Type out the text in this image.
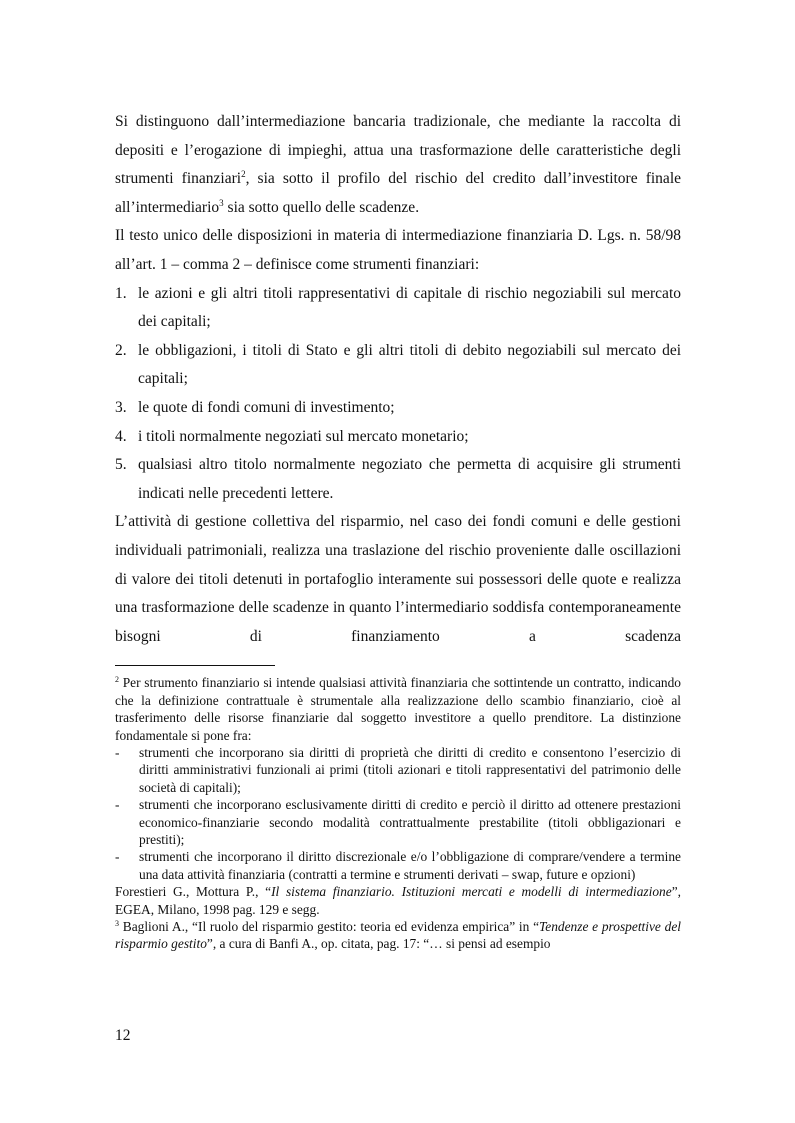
Si distinguono dall’intermediazione bancaria tradizionale, che mediante la raccolta di depositi e l’erogazione di impieghi, attua una trasformazione delle caratteristiche degli strumenti finanziari$^2$, sia sotto il profilo del rischio del credito dall’investitore finale all’intermediario$^3$ sia sotto quello delle scadenze.

Il testo unico delle disposizioni in materia di intermediazione finanziaria D. Lgs. n. 58/98 all’art. 1 – comma 2 – definisce come strumenti finanziari:

1. le azioni e gli altri titoli rappresentativi di capitale di rischio negoziabili sul mercato dei capitali;
2. le obbligazioni, i titoli di Stato e gli altri titoli di debito negoziabili sul mercato dei capitali;
3. le quote di fondi comuni di investimento;
4. i titoli normalmente negoziati sul mercato monetario;
5. qualsiasi altro titolo normalmente negoziato che permetta di acquisire gli strumenti indicati nelle precedenti lettere.

L’attività di gestione collettiva del risparmio, nel caso dei fondi comuni e delle gestioni individuali patrimoniali, realizza una traslazione del rischio proveniente dalle oscillazioni di valore dei titoli detenuti in portafoglio interamente sui possessori delle quote e realizza una trasformazione delle scadenze in quanto l’intermediario soddisfa contemporaneamente bisogni di finanziamento a scadenza

$^2$ Per strumento finanziario si intende qualsiasi attività finanziaria che sottintende un contratto, indicando che la definizione contrattuale è strumentale alla realizzazione dello scambio finanziario, cioè al trasferimento delle risorse finanziarie dal soggetto investitore a quello prenditore. La distinzione fondamentale si pone fra:

- strumenti che incorporano sia diritti di proprietà che diritti di credito e consentono l’esercizio di diritti amministrativi funzionali ai primi (titoli azionari e titoli rappresentativi del patrimonio delle società di capitali);

- strumenti che incorporano esclusivamente diritti di credito e perciò il diritto ad ottenere prestazioni economico-finanziarie secondo modalità contrattualmente prestabilite (titoli obbligazionari e prestiti);

- strumenti che incorporano il diritto discrezionale e/o l’obbligazione di comprare/vendere a termine una data attività finanziaria (contratti a termine e strumenti derivati – swap, future e opzioni)

Forestieri G., Mottura P., “Il sistema finanziario. Istituzioni mercati e modelli di intermediazione”, EGEA, Milano, 1998 pag. 129 e segg.

$^3$ Baglioni A., “Il ruolo del risparmio gestito: teoria ed evidenza empirica” in “Tendenze e prospettive del risparmio gestito”, a cura di Banfi A., op. citata, pag. 17: “… si pensi ad esempio

12
